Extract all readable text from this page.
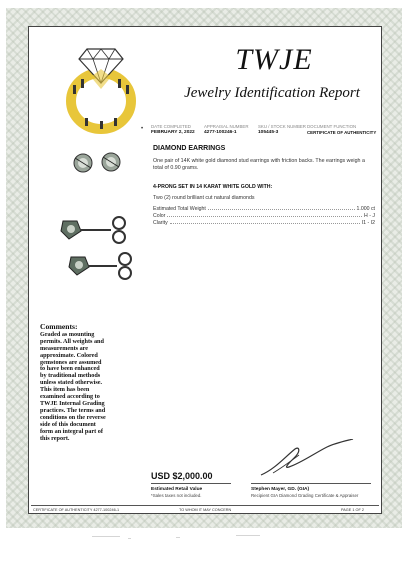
TWJE
Jewelry Identification Report
• DATE COMPLETED
FEBRUARY 2, 2022
APPRAISAL NUMBER
4277-100246-1
SKU / STOCK NUMBER
105445-3
DOCUMENT FUNCTION
CERTIFICATE OF AUTHENTICITY
DIAMOND EARRINGS
One pair of 14K white gold diamond stud earrings with friction backs. The earrings weigh a total of 0.90 grams.
4-PRONG SET IN 14 KARAT WHITE GOLD WITH:
Two (2) round brilliant cut natural diamonds
Estimated Total Weight	1.000 ct
Color	H - J
Clarity	I1 - I2
Comments:
Graded as mounting permits. All weights and measurements are approximate. Colored gemstones are assumed to have been enhanced by traditional methods unless stated otherwise. This item has been examined according to TWJE Internal Grading practices. The terms and conditions on the reverse side of this document form an integral part of this report.
USD $2,000.00
Estimated Retail Value
*Sales taxes not included.
Stephen Mayer, GD. (GIA)
Recipient GIA Diamond Grading Certificate & Appraiser
CERTIFICATE OF AUTHENTICITY 4277-100246-1	TO WHOM IT MAY CONCERN	PAGE 1 OF 2
